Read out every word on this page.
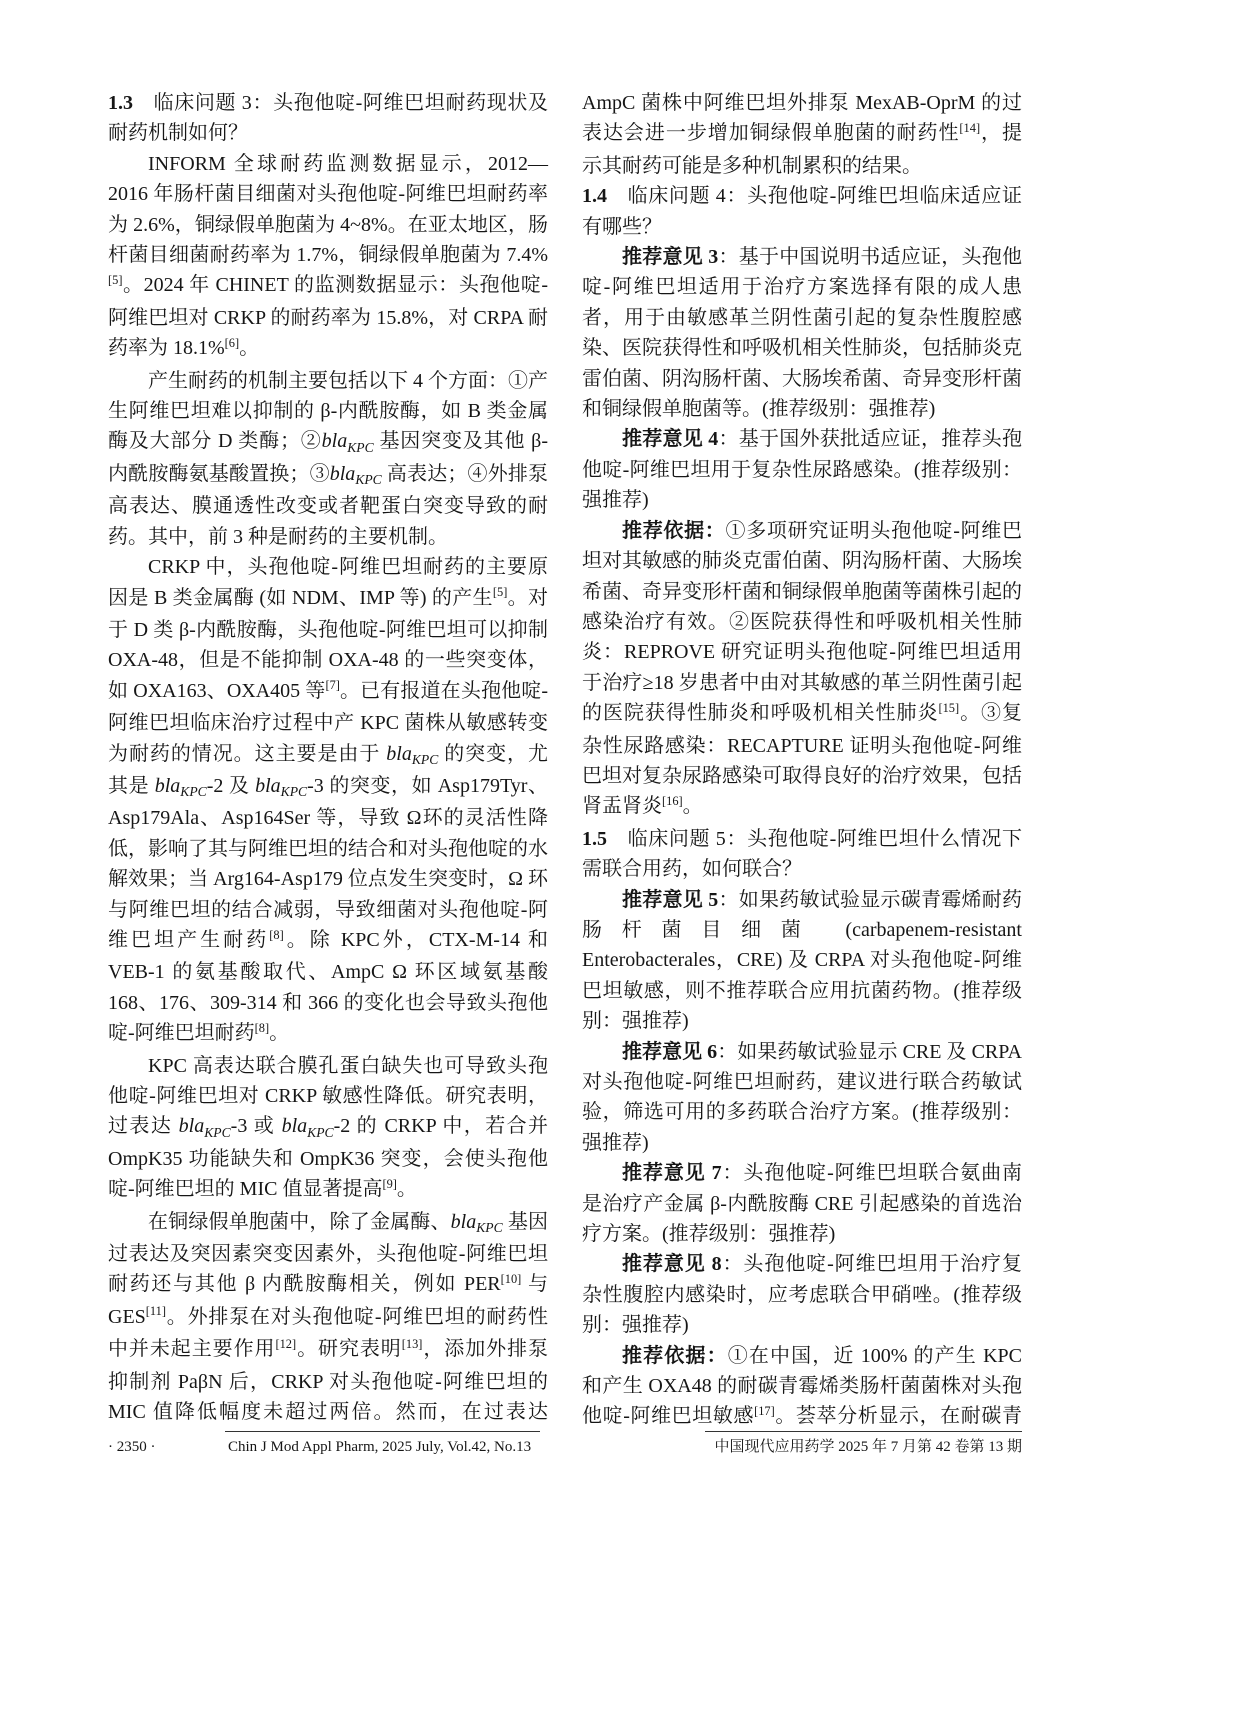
1.3 临床问题 3：头孢他啶-阿维巴坦耐药现状及耐药机制如何？

INFORM 全球耐药监测数据显示，2012—2016 年肠杆菌目细菌对头孢他啶-阿维巴坦耐药率为 2.6%，铜绿假单胞菌为 4~8%。在亚太地区，肠杆菌目细菌耐药率为 1.7%，铜绿假单胞菌为 7.4%[5]。2024 年 CHINET 的监测数据显示：头孢他啶-阿维巴坦对 CRKP 的耐药率为 15.8%，对 CRPA 耐药率为 18.1%[6]。

产生耐药的机制主要包括以下 4 个方面：①产生阿维巴坦难以抑制的 β-内酰胺酶，如 B 类金属酶及大部分 D 类酶；②bla$_{KPC}$ 基因突变及其他 β-内酰胺酶氨基酸置换；③bla$_{KPC}$ 高表达；④外排泵高表达、膜通透性改变或者靶蛋白突变导致的耐药。其中，前 3 种是耐药的主要机制。

CRKP 中，头孢他啶-阿维巴坦耐药的主要原因是 B 类金属酶 (如 NDM、IMP 等) 的产生[5]。对于 D 类 β-内酰胺酶，头孢他啶-阿维巴坦可以抑制 OXA-48，但是不能抑制 OXA-48 的一些突变体，如 OXA163、OXA405 等[7]。已有报道在头孢他啶-阿维巴坦临床治疗过程中产 KPC 菌株从敏感转变为耐药的情况。这主要是由于 bla$_{KPC}$ 的突变，尤其是 bla$_{KPC}$-2 及 bla$_{KPC}$-3 的突变，如 Asp179Tyr、Asp179Ala、Asp164Ser 等，导致 Ω环的灵活性降低，影响了其与阿维巴坦的结合和对头孢他啶的水解效果；当 Arg164-Asp179 位点发生突变时，Ω 环与阿维巴坦的结合减弱，导致细菌对头孢他啶-阿维巴坦产生耐药[8]。除 KPC外，CTX-M-14 和 VEB-1 的氨基酸取代、AmpC Ω 环区域氨基酸 168、176、309-314 和 366 的变化也会导致头孢他啶-阿维巴坦耐药[8]。

KPC 高表达联合膜孔蛋白缺失也可导致头孢他啶-阿维巴坦对 CRKP 敏感性降低。研究表明，过表达 bla$_{KPC}$-3 或 bla$_{KPC}$-2 的 CRKP 中，若合并 OmpK35 功能缺失和 OmpK36 突变，会使头孢他啶-阿维巴坦的 MIC 值显著提高[9]。

在铜绿假单胞菌中，除了金属酶、bla$_{KPC}$ 基因过表达及突因素突变因素外，头孢他啶-阿维巴坦耐药还与其他 β 内酰胺酶相关，例如 PER[10] 与 GES[11]。外排泵在对头孢他啶-阿维巴坦的耐药性中并未起主要作用[12]。研究表明[13]，添加外排泵抑制剂 PaβN 后，CRKP 对头孢他啶-阿维巴坦的 MIC 值降低幅度未超过两倍。然而，在过表达

AmpC 菌株中阿维巴坦外排泵 MexAB-OprM 的过表达会进一步增加铜绿假单胞菌的耐药性[14]，提示其耐药可能是多种机制累积的结果。

1.4 临床问题 4：头孢他啶-阿维巴坦临床适应证有哪些？

推荐意见 3：基于中国说明书适应证，头孢他啶-阿维巴坦适用于治疗方案选择有限的成人患者，用于由敏感革兰阴性菌引起的复杂性腹腔感染、医院获得性和呼吸机相关性肺炎，包括肺炎克雷伯菌、阴沟肠杆菌、大肠埃希菌、奇异变形杆菌和铜绿假单胞菌等。(推荐级别：强推荐)

推荐意见 4：基于国外获批适应证，推荐头孢他啶-阿维巴坦用于复杂性尿路感染。(推荐级别：强推荐)

推荐依据：①多项研究证明头孢他啶-阿维巴坦对其敏感的肺炎克雷伯菌、阴沟肠杆菌、大肠埃希菌、奇异变形杆菌和铜绿假单胞菌等菌株引起的感染治疗有效。②医院获得性和呼吸机相关性肺炎：REPROVE 研究证明头孢他啶-阿维巴坦适用于治疗≥18 岁患者中由对其敏感的革兰阴性菌引起的医院获得性肺炎和呼吸机相关性肺炎[15]。③复杂性尿路感染：RECAPTURE 证明头孢他啶-阿维巴坦对复杂尿路感染可取得良好的治疗效果，包括肾盂肾炎[16]。

1.5 临床问题 5：头孢他啶-阿维巴坦什么情况下需联合用药，如何联合？

推荐意见 5：如果药敏试验显示碳青霉烯耐药肠杆菌目细菌 (carbapenem-resistant Enterobacterales，CRE) 及 CRPA 对头孢他啶-阿维巴坦敏感，则不推荐联合应用抗菌药物。(推荐级别：强推荐)

推荐意见 6：如果药敏试验显示 CRE 及 CRPA 对头孢他啶-阿维巴坦耐药，建议进行联合药敏试验，筛选可用的多药联合治疗方案。(推荐级别：强推荐)

推荐意见 7：头孢他啶-阿维巴坦联合氨曲南是治疗产金属 β-内酰胺酶 CRE 引起感染的首选治疗方案。(推荐级别：强推荐)

推荐意见 8：头孢他啶-阿维巴坦用于治疗复杂性腹腔内感染时，应考虑联合甲硝唑。(推荐级别：强推荐)

推荐依据：①在中国，近 100% 的产生 KPC 和产生 OXA48 的耐碳青霉烯类肠杆菌菌株对头孢他啶-阿维巴坦敏感[17]。荟萃分析显示，在耐碳青

· 2350 ·	Chin J Mod Appl Pharm, 2025 July, Vol.42, No.13	中国现代应用药学 2025 年 7 月第 42 卷第 13 期
